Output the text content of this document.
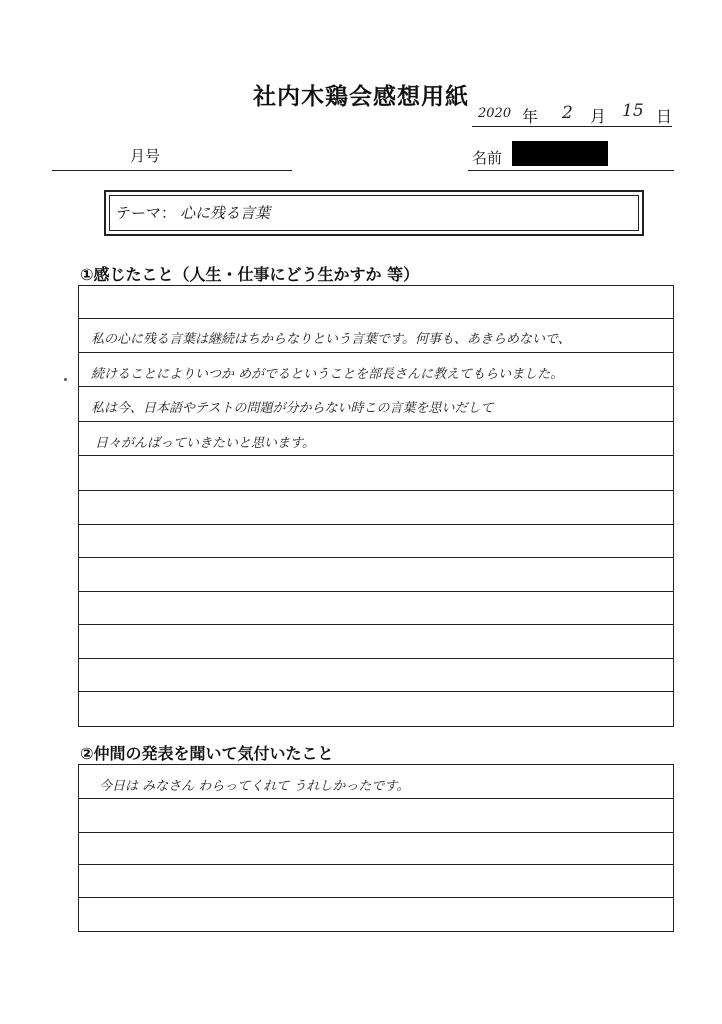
社内木鶏会感想用紙
2020 年 2 月 15 日
月号	名前
テーマ： 心に残る言葉
①感じたこと（人生・仕事にどう生かすか 等）
私の心に残る言葉は継続はちからなりという言葉です。何事も、あきらめないで、
続けることによりいつか めがでるということを部長さんに教えてもらいました。
私は今、日本語やテストの問題が分からない時この言葉を思いだして
日々がんばっていきたいと思います。
②仲間の発表を聞いて気付いたこと
今日は みなさん わらってくれて うれしかったです。
